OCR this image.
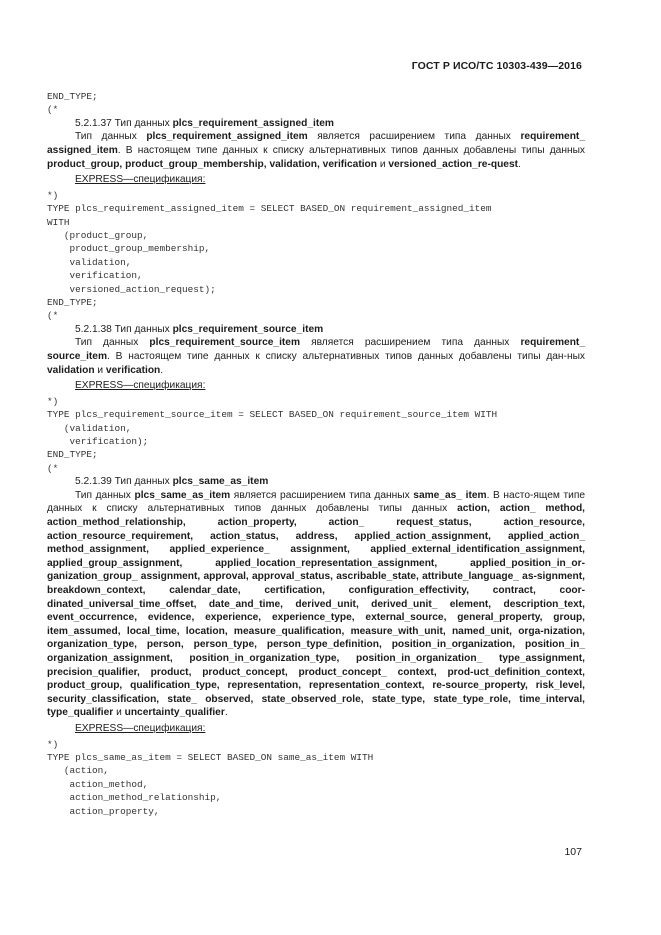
ГОСТ Р ИСО/ТС 10303-439—2016
END_TYPE;
(*
5.2.1.37 Тип данных plcs_requirement_assigned_item
Тип данных plcs_requirement_assigned_item является расширением типа данных requirement_ assigned_item. В настоящем типе данных к списку альтернативных типов данных добавлены типы данных product_group, product_group_membership, validation, verification и versioned_action_re-quest.
EXPRESS—спецификация:
*)
TYPE plcs_requirement_assigned_item = SELECT BASED_ON requirement_assigned_item
WITH
(product_group,
product_group_membership,
validation,
verification,
versioned_action_request);
END_TYPE;
(*
5.2.1.38 Тип данных plcs_requirement_source_item
Тип данных plcs_requirement_source_item является расширением типа данных requirement_ source_item. В настоящем типе данных к списку альтернативных типов данных добавлены типы дан-ных validation и verification.
EXPRESS—спецификация:
*)
TYPE plcs_requirement_source_item = SELECT BASED_ON requirement_source_item WITH
(validation,
verification);
END_TYPE;
(*
5.2.1.39 Тип данных plcs_same_as_item
Тип данных plcs_same_as_item является расширением типа данных same_as_ item. В насто-ящем типе данных к списку альтернативных типов данных добавлены типы данных action, action_ method, action_method_relationship, action_property, action_ request_status, action_resource, action_resource_requirement, action_status, address, applied_action_assignment, applied_action_ method_assignment, applied_experience_ assignment, applied_external_identification_assignment, applied_group_assignment, applied_location_representation_assignment, applied_position_in_or-ganization_group_ assignment, approval, approval_status, ascribable_state, attribute_language_ as-signment, breakdown_context, calendar_date, certification, configuration_effectivity, contract, coor-dinated_universal_time_offset, date_and_time, derived_unit, derived_unit_ element, description_text, event_occurrence, evidence, experience, experience_type, external_source, general_property, group, item_assumed, local_time, location, measure_qualification, measure_with_unit, named_unit, orga-nization, organization_type, person, person_type, person_type_definition, position_in_organization, position_in_ organization_assignment, position_in_organization_type, position_in_organization_ type_assignment, precision_qualifier, product, product_concept, product_concept_ context, prod-uct_definition_context, product_group, qualification_type, representation, representation_context, re-source_property, risk_level, security_classification, state_ observed, state_observed_role, state_type, state_type_role, time_interval, type_qualifier и uncertainty_qualifier.
EXPRESS—спецификация:
*)
TYPE plcs_same_as_item = SELECT BASED_ON same_as_item WITH
(action,
action_method,
action_method_relationship,
action_property,
107
